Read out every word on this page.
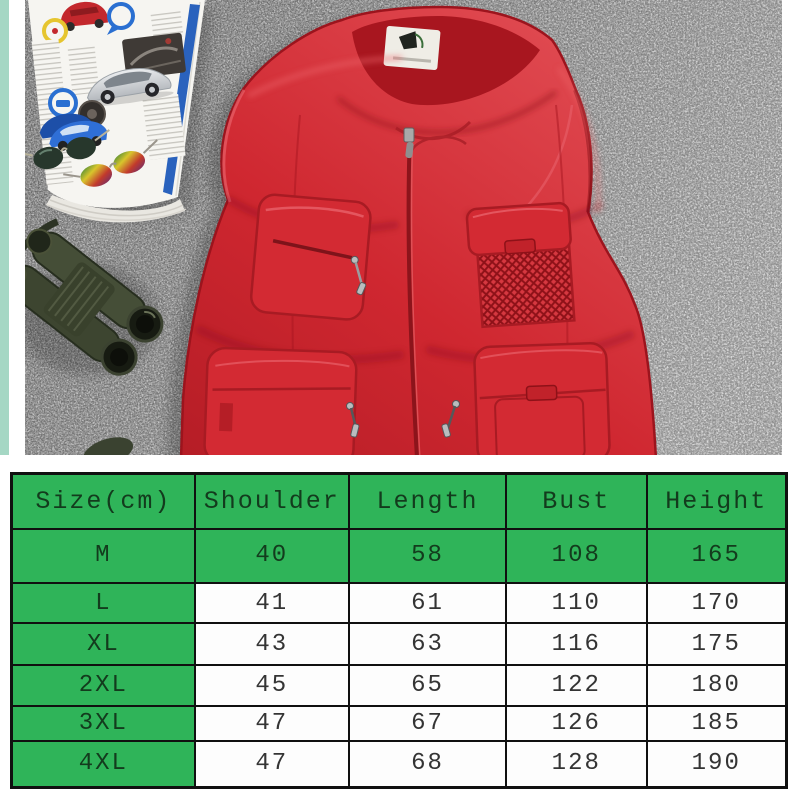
Size(cm)	Shoulder	Length	Bust	Height
M	40	58	108	165
L	41	61	110	170
XL	43	63	116	175
2XL	45	65	122	180
3XL	47	67	126	185
4XL	47	68	128	190
